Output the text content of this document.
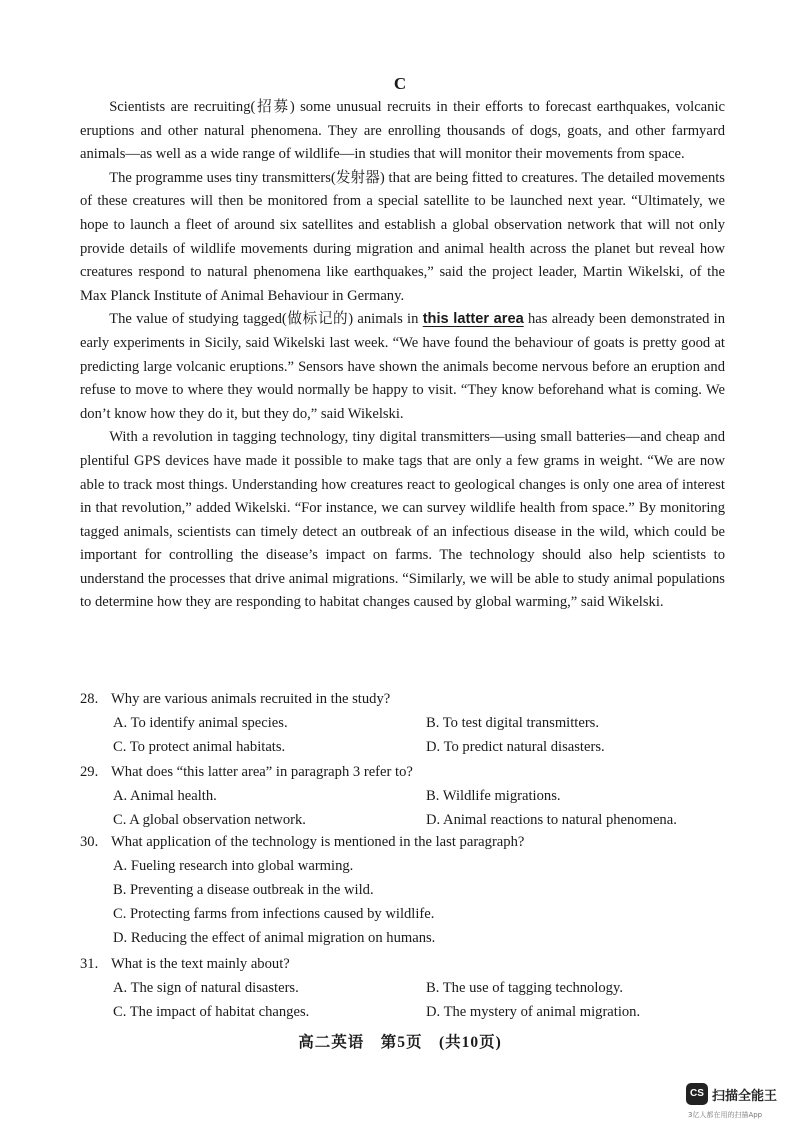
C

Scientists are recruiting(招募) some unusual recruits in their efforts to forecast earthquakes, volcanic eruptions and other natural phenomena. They are enrolling thousands of dogs, goats, and other farmyard animals—as well as a wide range of wildlife—in studies that will monitor their movements from space.

The programme uses tiny transmitters(发射器) that are being fitted to creatures. The detailed movements of these creatures will then be monitored from a special satellite to be launched next year. “Ultimately, we hope to launch a fleet of around six satellites and establish a global observation network that will not only provide details of wildlife movements during migration and animal health across the planet but reveal how creatures respond to natural phenomena like earthquakes,” said the project leader, Martin Wikelski, of the Max Planck Institute of Animal Behaviour in Germany.

The value of studying tagged(做标记的) animals in this latter area has already been demonstrated in early experiments in Sicily, said Wikelski last week. “We have found the behaviour of goats is pretty good at predicting large volcanic eruptions.” Sensors have shown the animals become nervous before an eruption and refuse to move to where they would normally be happy to visit. “They know beforehand what is coming. We don’t know how they do it, but they do,” said Wikelski.

With a revolution in tagging technology, tiny digital transmitters—using small batteries—and cheap and plentiful GPS devices have made it possible to make tags that are only a few grams in weight. “We are now able to track most things. Understanding how creatures react to geological changes is only one area of interest in that revolution,” added Wikelski. “For instance, we can survey wildlife health from space.” By monitoring tagged animals, scientists can timely detect an outbreak of an infectious disease in the wild, which could be important for controlling the disease’s impact on farms. The technology should also help scientists to understand the processes that drive animal migrations. “Similarly, we will be able to study animal populations to determine how they are responding to habitat changes caused by global warming,” said Wikelski.

28. Why are various animals recruited in the study?
A. To identify animal species.	B. To test digital transmitters.
C. To protect animal habitats.	D. To predict natural disasters.
29. What does “this latter area” in paragraph 3 refer to?
A. Animal health.	B. Wildlife migrations.
C. A global observation network.	D. Animal reactions to natural phenomena.
30. What application of the technology is mentioned in the last paragraph?
A. Fueling research into global warming.
B. Preventing a disease outbreak in the wild.
C. Protecting farms from infections caused by wildlife.
D. Reducing the effect of animal migration on humans.
31. What is the text mainly about?
A. The sign of natural disasters.	B. The use of tagging technology.
C. The impact of habitat changes.	D. The mystery of animal migration.
高二英语　第5页　(共10页)
CS 扫描全能王
3亿人都在用的扫描App
